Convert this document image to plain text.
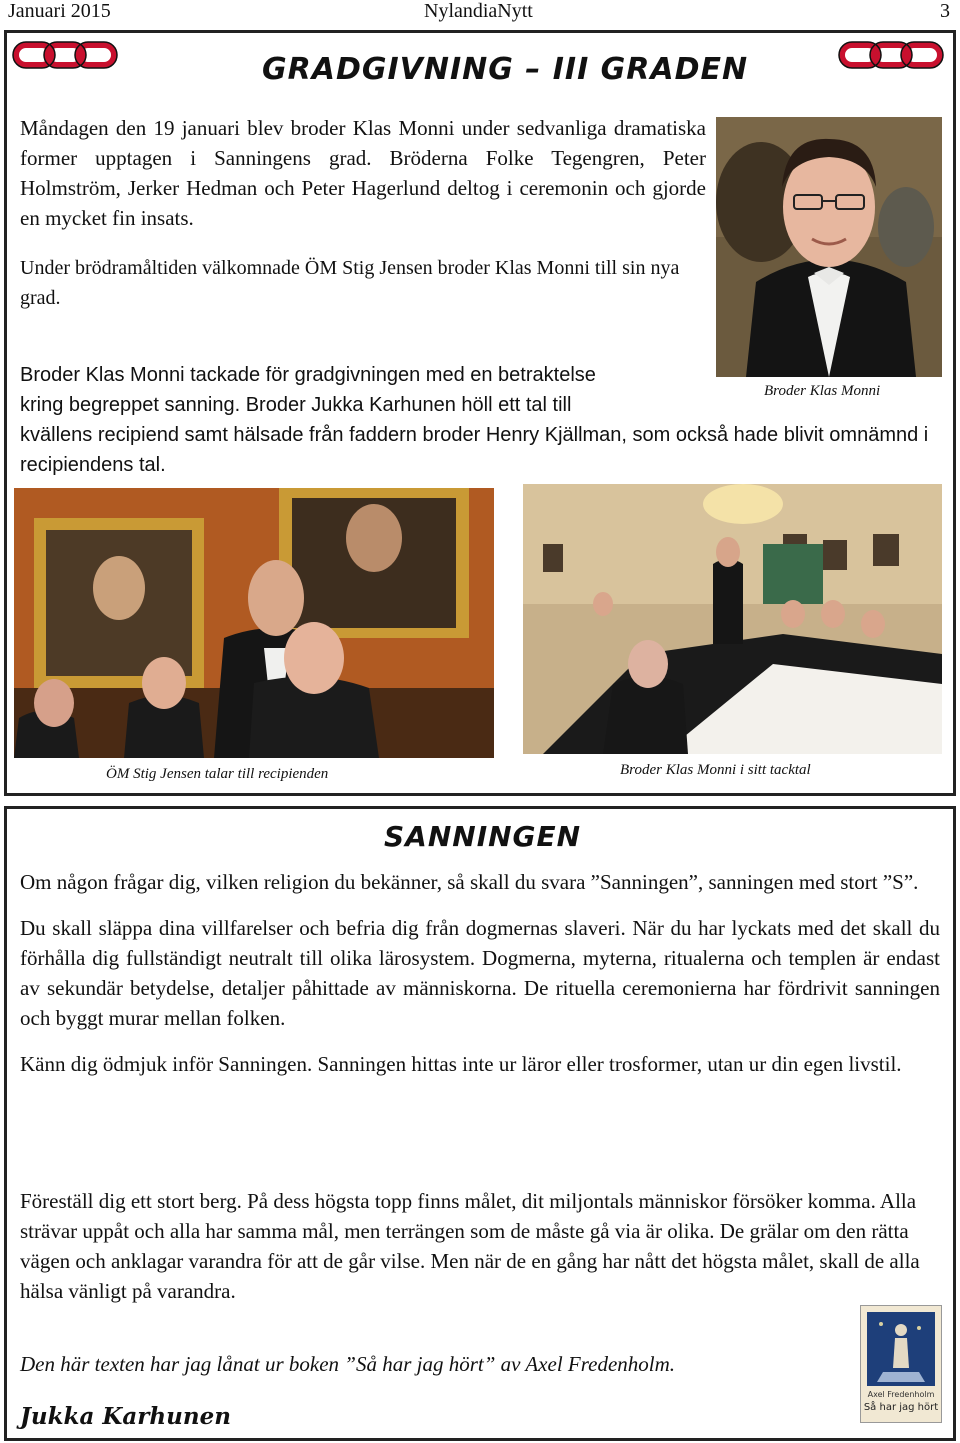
Januari 2015	NylandiaNytt	3
GRADGIVNING – III GRADEN

Måndagen den 19 januari blev broder Klas Monni under sedvanliga dramatiska former upptagen i Sanningens grad. Bröderna Folke Tegengren, Peter Holmström, Jerker Hedman och Peter Hagerlund deltog i ceremonin och gjorde en mycket fin insats.

Under brödramåltiden välkomnade ÖM Stig Jensen broder Klas Monni till sin nya grad.

Broder Klas Monni tackade för gradgivningen med en betraktelse
kring begreppet sanning. Broder Jukka Karhunen höll ett tal till
kvällens recipiend samt hälsade från faddern broder Henry Kjällman, som också hade blivit omnämnd i recipiendens tal.
Broder Klas Monni
ÖM Stig Jensen talar till recipienden	Broder Klas Monni i sitt tacktal
SANNINGEN

Om någon frågar dig, vilken religion du bekänner, så skall du svara ”Sanningen”, sanningen med stort ”S”.

Du skall släppa dina villfarelser och befria dig från dogmernas slaveri. När du har lyckats med det skall du förhålla dig fullständigt neutralt till olika lärosystem. Dogmerna, myterna, ritualerna och templen är endast av sekundär betydelse, detaljer påhittade av människorna. De rituella ceremonierna har fördrivit sanningen och byggt murar mellan folken.

Känn dig ödmjuk inför Sanningen. Sanningen hittas inte ur läror eller trosformer, utan ur din egen livstil.

Föreställ dig ett stort berg. På dess högsta topp finns målet, dit miljontals människor försöker komma. Alla strävar uppåt och alla har samma mål, men terrängen som de måste gå via är olika. De grälar om den rätta vägen och anklagar varandra för att de går vilse. Men när de en gång har nått det högsta målet, skall de alla hälsa vänligt på varandra.

Den här texten har jag lånat ur boken ”Så har jag hört” av Axel Fredenholm.
Jukka Karhunen
Axel Fredenholm
Så har jag hört
